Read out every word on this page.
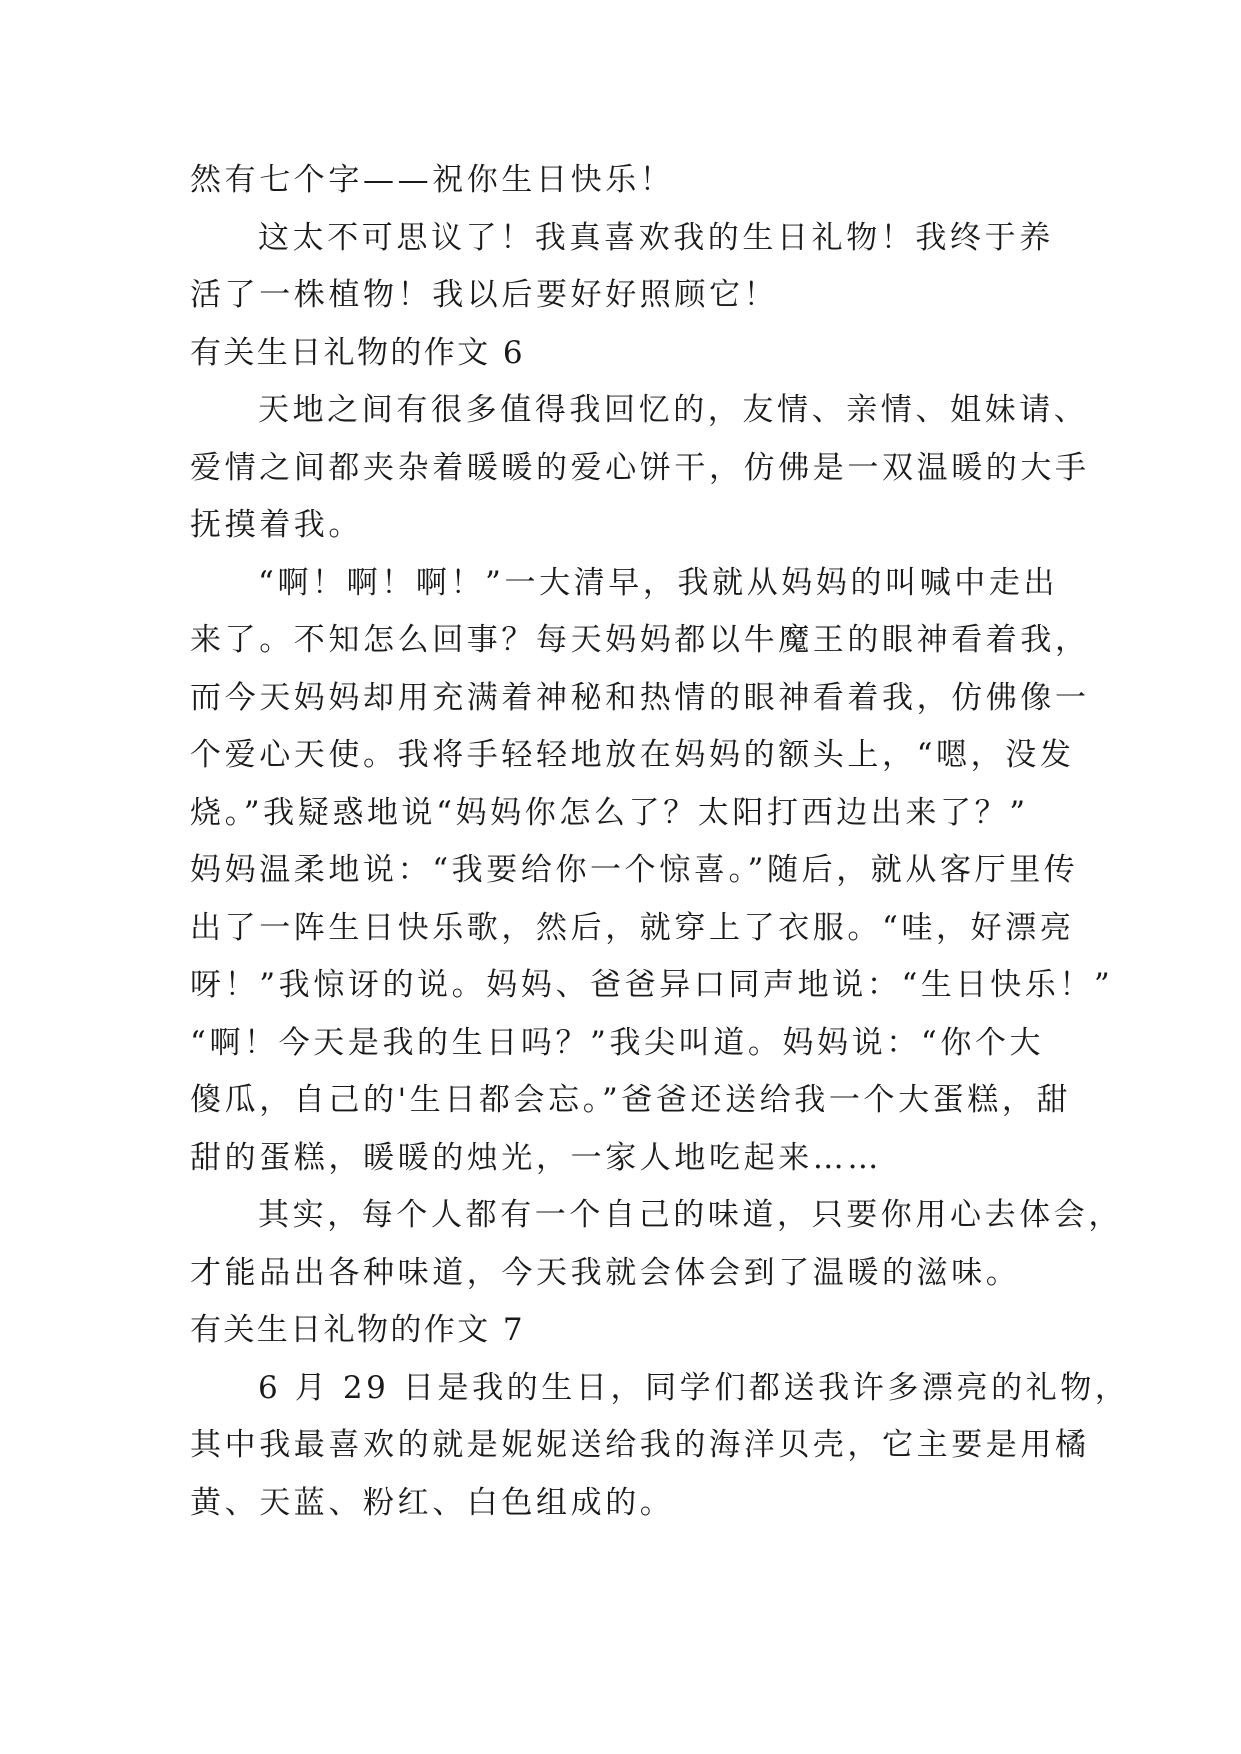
然有七个字——祝你生日快乐！

这太不可思议了！我真喜欢我的生日礼物！我终于养

活了一株植物！我以后要好好照顾它！

有关生日礼物的作文 6

天地之间有很多值得我回忆的，友情、亲情、姐妹请、

爱情之间都夹杂着暖暖的爱心饼干，仿佛是一双温暖的大手

抚摸着我。

“啊！啊！啊！”一大清早，我就从妈妈的叫喊中走出

来了。不知怎么回事？每天妈妈都以牛魔王的眼神看着我，

而今天妈妈却用充满着神秘和热情的眼神看着我，仿佛像一

个爱心天使。我将手轻轻地放在妈妈的额头上，“嗯，没发

烧。”我疑惑地说“妈妈你怎么了？太阳打西边出来了？”

妈妈温柔地说：“我要给你一个惊喜。”随后，就从客厅里传

出了一阵生日快乐歌，然后，就穿上了衣服。“哇，好漂亮

呀！”我惊讶的说。妈妈、爸爸异口同声地说：“生日快乐！”

“啊！今天是我的生日吗？”我尖叫道。妈妈说：“你个大

傻瓜，自己的'生日都会忘。”爸爸还送给我一个大蛋糕，甜

甜的蛋糕，暖暖的烛光，一家人地吃起来……

其实，每个人都有一个自己的味道，只要你用心去体会，

才能品出各种味道，今天我就会体会到了温暖的滋味。

有关生日礼物的作文 7

6 月 29 日是我的生日，同学们都送我许多漂亮的礼物，

其中我最喜欢的就是妮妮送给我的海洋贝壳，它主要是用橘

黄、天蓝、粉红、白色组成的。
